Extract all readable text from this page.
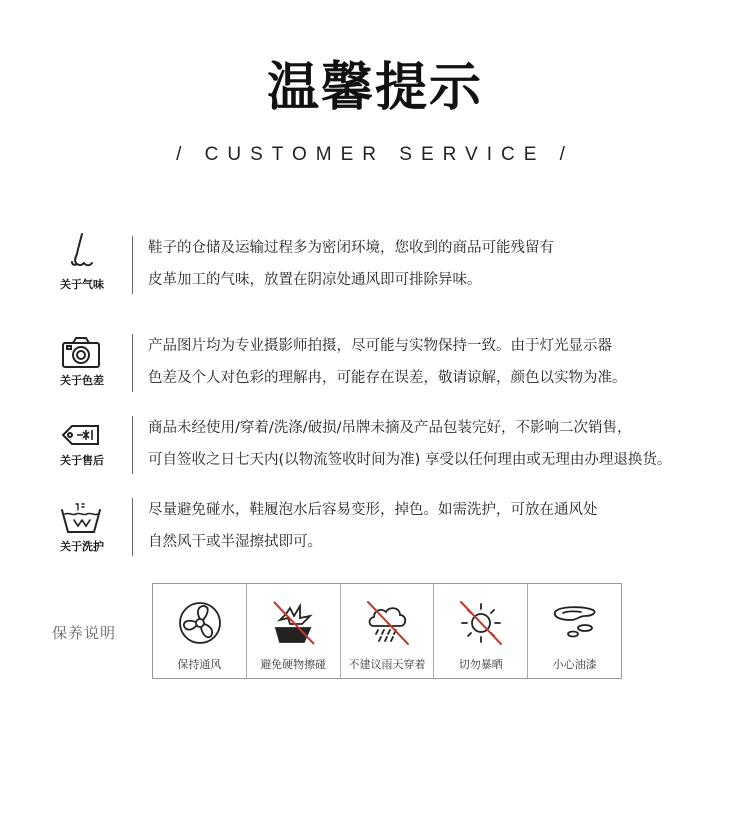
温馨提示
/ CUSTOMER SERVICE /
关于气味
鞋子的仓储及运输过程多为密闭环境，您收到的商品可能残留有
皮革加工的气味，放置在阴凉处通风即可排除异味。
关于色差
产品图片均为专业摄影师拍摄，尽可能与实物保持一致。由于灯光显示器
色差及个人对色彩的理解冉，可能存在误差，敬请谅解，颜色以实物为准。
关于售后
商品未经使用/穿着/洗涤/破损/吊牌未摘及产品包装完好，不影响二次销售，
可自签收之日七天内(以物流签收时间为准) 享受以任何理由或无理由办理退换货。
关于洗护
尽量避免碰水，鞋履泡水后容易变形，掉色。如需洗护，可放在通风处
自然风干或半湿擦拭即可。
保养说明
保持通风	避免硬物擦碰	不建议雨天穿着	切勿暴晒	小心油漆
